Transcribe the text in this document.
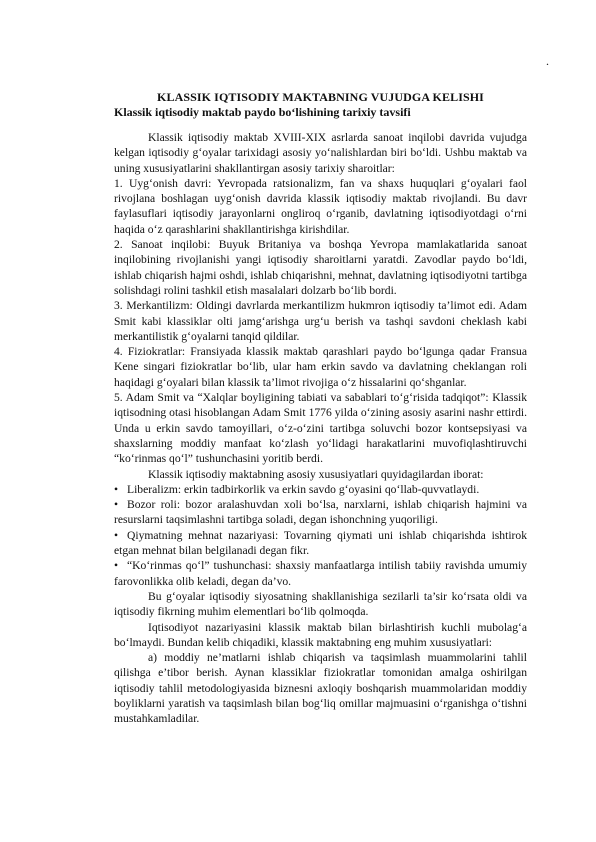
.
KLASSIK IQTISODIY MAKTABNING VUJUDGA KELISHI
Klassik iqtisodiy maktab paydo bo‘lishining tarixiy tavsifi

Klassik iqtisodiy maktab XVIII-XIX asrlarda sanoat inqilobi davrida vujudga kelgan iqtisodiy g‘oyalar tarixidagi asosiy yo‘nalishlardan biri bo‘ldi. Ushbu maktab va uning xususiyatlarini shakllantirgan asosiy tarixiy sharoitlar:

1. Uyg‘onish davri: Yevropada ratsionalizm, fan va shaxs huquqlari g‘oyalari faol rivojlana boshlagan uyg‘onish davrida klassik iqtisodiy maktab rivojlandi. Bu davr faylasuflari iqtisodiy jarayonlarni ongliroq o‘rganib, davlatning iqtisodiyotdagi o‘rni haqida o‘z qarashlarini shakllantirishga kirishdilar.

2. Sanoat inqilobi: Buyuk Britaniya va boshqa Yevropa mamlakatlarida sanoat inqilobining rivojlanishi yangi iqtisodiy sharoitlarni yaratdi. Zavodlar paydo bo‘ldi, ishlab chiqarish hajmi oshdi, ishlab chiqarishni, mehnat, davlatning iqtisodiyotni tartibga solishdagi rolini tashkil etish masalalari dolzarb bo‘lib bordi.

3. Merkantilizm: Oldingi davrlarda merkantilizm hukmron iqtisodiy ta’limot edi. Adam Smit kabi klassiklar olti jamg‘arishga urg‘u berish va tashqi savdoni cheklash kabi merkantilistik g‘oyalarni tanqid qildilar.

4. Fiziokratlar: Fransiyada klassik maktab qarashlari paydo bo‘lgunga qadar Fransua Kene singari fiziokratlar bo‘lib, ular ham erkin savdo va davlatning cheklangan roli haqidagi g‘oyalari bilan klassik ta’limot rivojiga o‘z hissalarini qo‘shganlar.

5. Adam Smit va “Xalqlar boyligining tabiati va sabablari to‘g‘risida tadqiqot”: Klassik iqtisodning otasi hisoblangan Adam Smit 1776 yilda o‘zining asosiy asarini nashr ettirdi. Unda u erkin savdo tamoyillari, o‘z-o‘zini tartibga soluvchi bozor kontsepsiyasi va shaxslarning moddiy manfaat ko‘zlash yo‘lidagi harakatlarini muvofiqlashtiruvchi “ko‘rinmas qo‘l” tushunchasini yoritib berdi.

Klassik iqtisodiy maktabning asosiy xususiyatlari quyidagilardan iborat:

• Liberalizm: erkin tadbirkorlik va erkin savdo g‘oyasini qo‘llab-quvvatlaydi.

• Bozor roli: bozor aralashuvdan xoli bo‘lsa, narxlarni, ishlab chiqarish hajmini va resurslarni taqsimlashni tartibga soladi, degan ishonchning yuqoriligi.

• Qiymatning mehnat nazariyasi: Tovarning qiymati uni ishlab chiqarishda ishtirok etgan mehnat bilan belgilanadi degan fikr.

• “Ko‘rinmas qo‘l” tushunchasi: shaxsiy manfaatlarga intilish tabiiy ravishda umumiy farovonlikka olib keladi, degan da’vo.

Bu g‘oyalar iqtisodiy siyosatning shakllanishiga sezilarli ta’sir ko‘rsata oldi va iqtisodiy fikrning muhim elementlari bo‘lib qolmoqda.

Iqtisodiyot nazariyasini klassik maktab bilan birlashtirish kuchli mubolag‘a bo‘lmaydi. Bundan kelib chiqadiki, klassik maktabning eng muhim xususiyatlari:

a) moddiy ne’matlarni ishlab chiqarish va taqsimlash muammolarini tahlil qilishga e’tibor berish. Aynan klassiklar fiziokratlar tomonidan amalga oshirilgan iqtisodiy tahlil metodologiyasida biznesni axloqiy boshqarish muammolaridan moddiy boyliklarni yaratish va taqsimlash bilan bog‘liq omillar majmuasini o‘rganishga o‘tishni mustahkamladilar.
